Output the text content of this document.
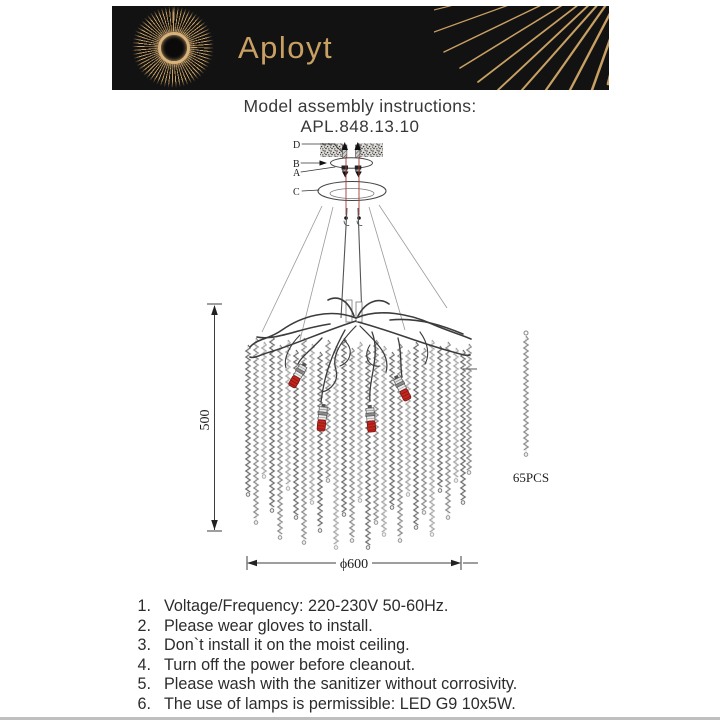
Aployt
Model assembly instructions:
APL.848.13.10
D
B
A
C
500
ϕ600
65PCS
1. Voltage/Frequency: 220-230V 50-60Hz.
2. Please wear gloves to install.
3. Don`t install it on the moist ceiling.
4. Turn off the power before cleanout.
5. Please wash with the sanitizer without corrosivity.
6. The use of lamps is permissible: LED G9 10x5W.
